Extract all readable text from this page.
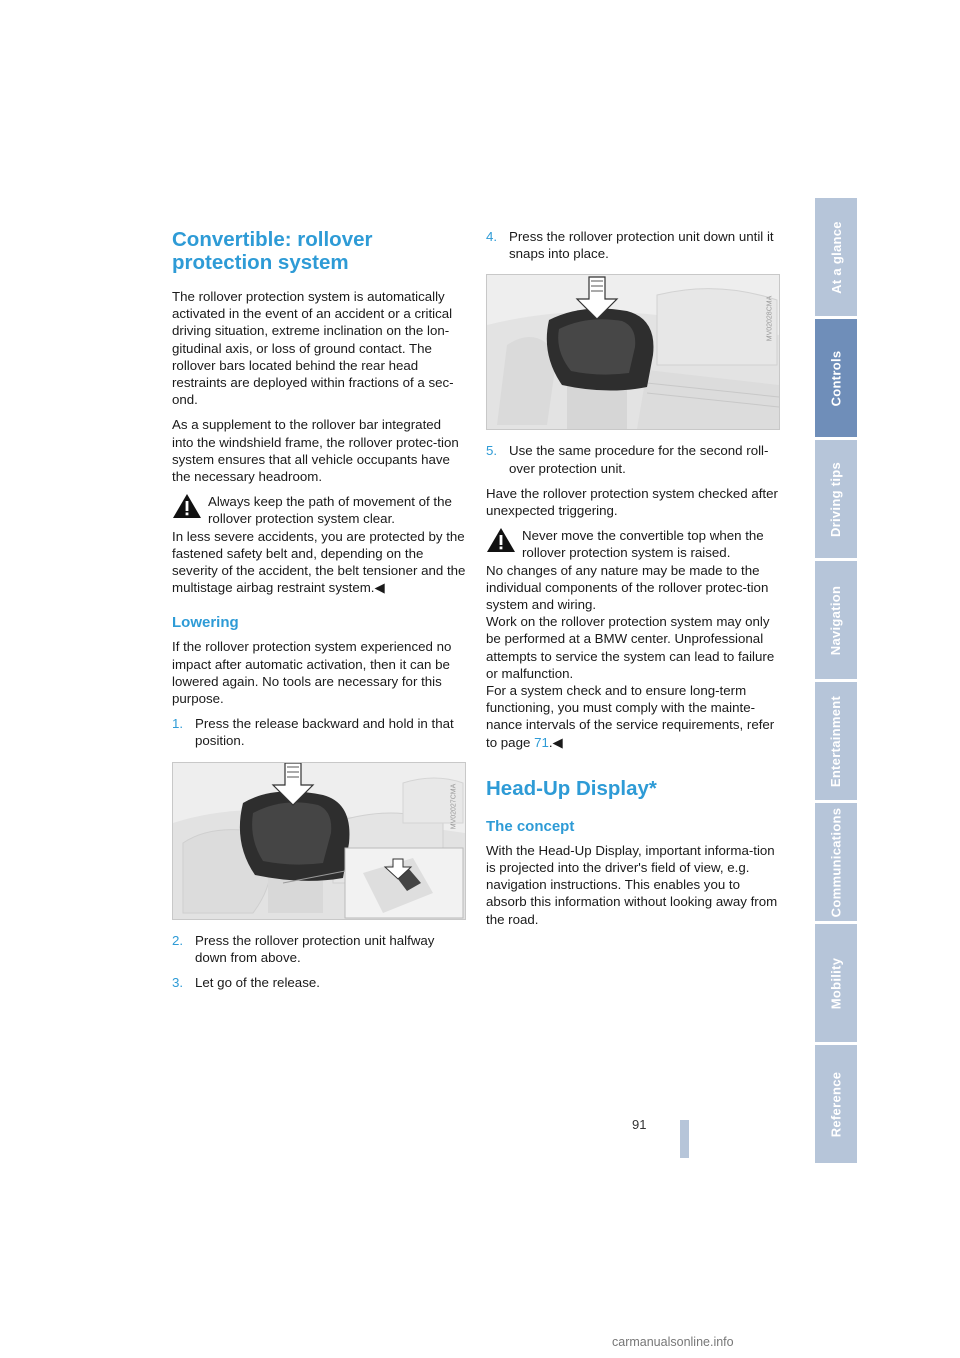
Convertible: rollover protection system

The rollover protection system is automatically activated in the event of an accident or a critical driving situation, extreme inclination on the lon-gitudinal axis, or loss of ground contact. The rollover bars located behind the rear head restraints are deployed within fractions of a sec-ond.

As a supplement to the rollover bar integrated into the windshield frame, the rollover protec-tion system ensures that all vehicle occupants have the necessary headroom.

Always keep the path of movement of the rollover protection system clear.
In less severe accidents, you are protected by the fastened safety belt and, depending on the severity of the accident, the belt tensioner and the multistage airbag restraint system.◀
Lowering

If the rollover protection system experienced no impact after automatic activation, then it can be lowered again. No tools are necessary for this purpose.

1. Press the release backward and hold in that position.
MV02027CMA
2. Press the rollover protection unit halfway down from above.
3. Let go of the release.
4. Press the rollover protection unit down until it snaps into place.
MV02028CMA
5. Use the same procedure for the second roll-over protection unit.

Have the rollover protection system checked after unexpected triggering.

Never move the convertible top when the rollover protection system is raised.

No changes of any nature may be made to the individual components of the rollover protec-tion system and wiring.

Work on the rollover protection system may only be performed at a BMW center. Unprofessional attempts to service the system can lead to failure or malfunction.

For a system check and to ensure long-term functioning, you must comply with the mainte-nance intervals of the service requirements, refer to page 71.◀

Head-Up Display*
The concept

With the Head-Up Display, important informa-tion is projected into the driver's field of view, e.g. navigation instructions. This enables you to absorb this information without looking away from the road.

At a glance
Controls
Driving tips
Navigation
Entertainment
Communications
Mobility
Reference
91
carmanualsonline.info
